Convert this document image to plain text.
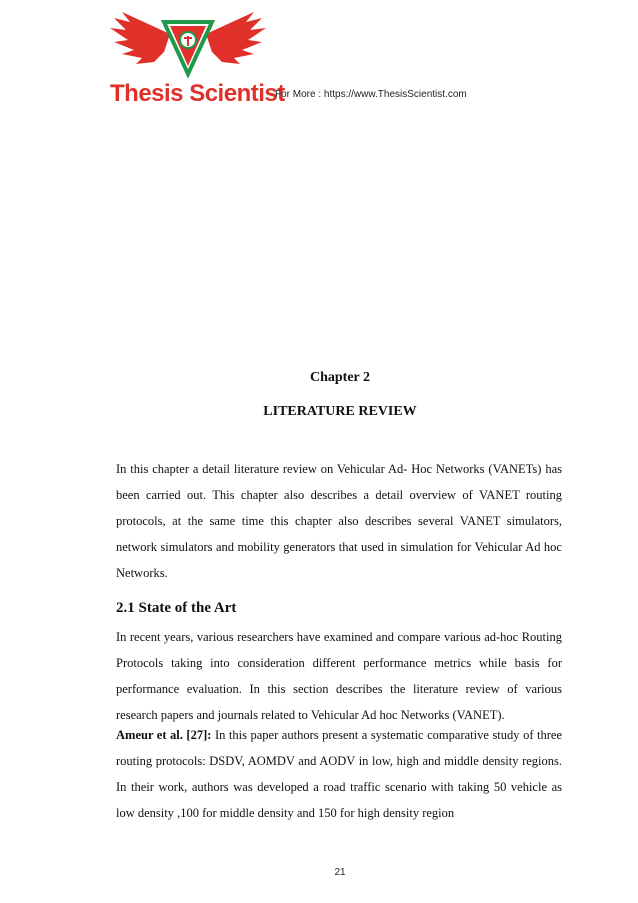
Thesis Scientist
For More : https://www.ThesisScientist.com
Chapter 2
LITERATURE REVIEW
In this chapter a detail literature review on Vehicular Ad- Hoc Networks (VANETs) has been carried out. This chapter also describes a detail overview of VANET routing protocols, at the same time this chapter also describes several VANET simulators, network simulators and mobility generators that used in simulation for Vehicular Ad hoc Networks.
2.1 State of the Art
In recent years, various researchers have examined and compare various ad-hoc Routing Protocols taking into consideration different performance metrics while basis for performance evaluation. In this section describes the literature review of various research papers and journals related to Vehicular Ad hoc Networks (VANET).
Ameur et al. [27]: In this paper authors present a systematic comparative study of three routing protocols: DSDV, AOMDV and AODV in low, high and middle density regions. In their work, authors was developed a road traffic scenario with taking 50 vehicle as low density ,100 for middle density and 150 for high density region
21
